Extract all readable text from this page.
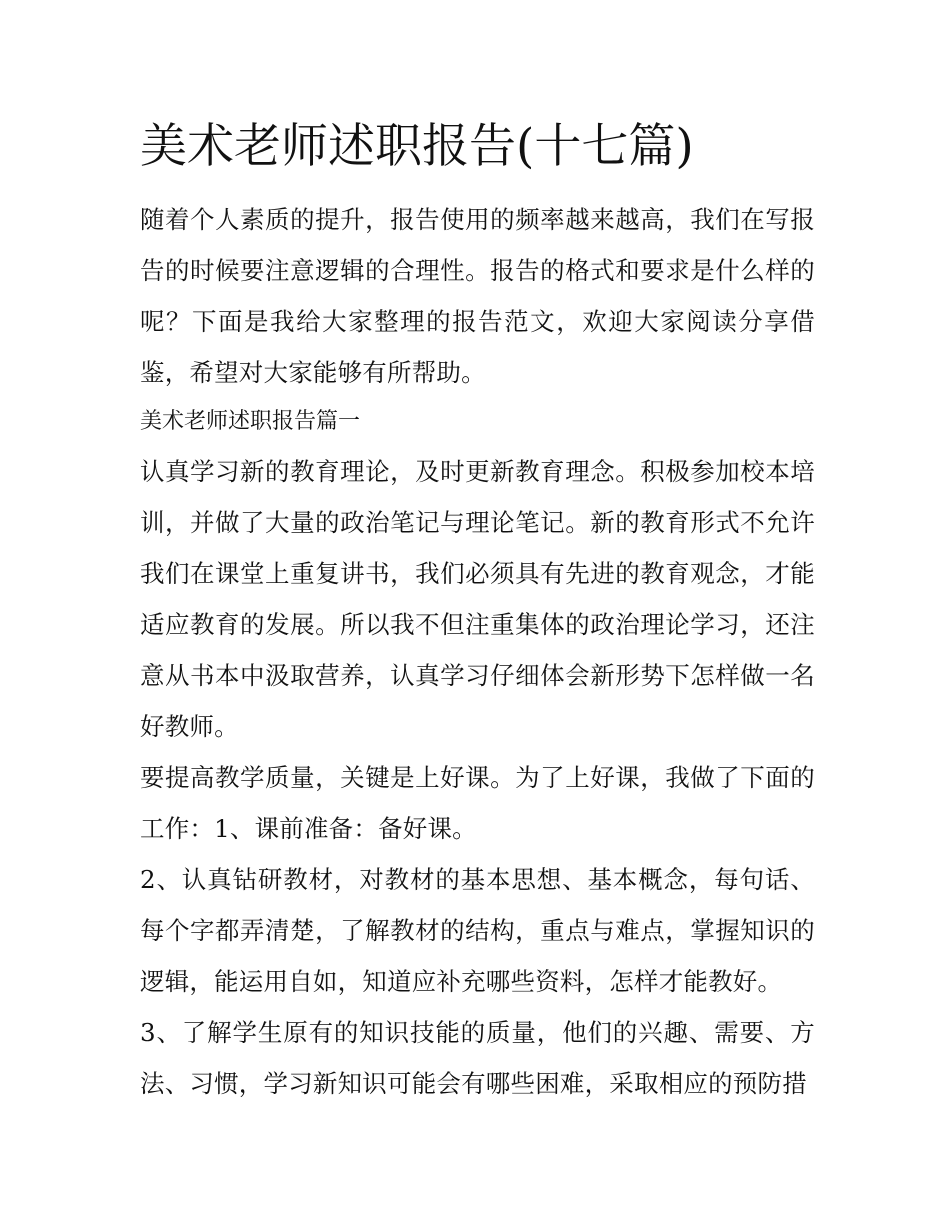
美术老师述职报告(十七篇)

随着个人素质的提升，报告使用的频率越来越高，我们在写报告的时候要注意逻辑的合理性。报告的格式和要求是什么样的呢？下面是我给大家整理的报告范文，欢迎大家阅读分享借鉴，希望对大家能够有所帮助。

美术老师述职报告篇一

认真学习新的教育理论，及时更新教育理念。积极参加校本培训，并做了大量的政治笔记与理论笔记。新的教育形式不允许我们在课堂上重复讲书，我们必须具有先进的教育观念，才能适应教育的发展。所以我不但注重集体的政治理论学习，还注意从书本中汲取营养，认真学习仔细体会新形势下怎样做一名好教师。

要提高教学质量，关键是上好课。为了上好课，我做了下面的工作：1、课前准备：备好课。

2、认真钻研教材，对教材的基本思想、基本概念，每句话、每个字都弄清楚，了解教材的结构，重点与难点，掌握知识的逻辑，能运用自如，知道应补充哪些资料，怎样才能教好。

3、了解学生原有的知识技能的质量，他们的兴趣、需要、方法、习惯，学习新知识可能会有哪些困难，采取相应的预防措
